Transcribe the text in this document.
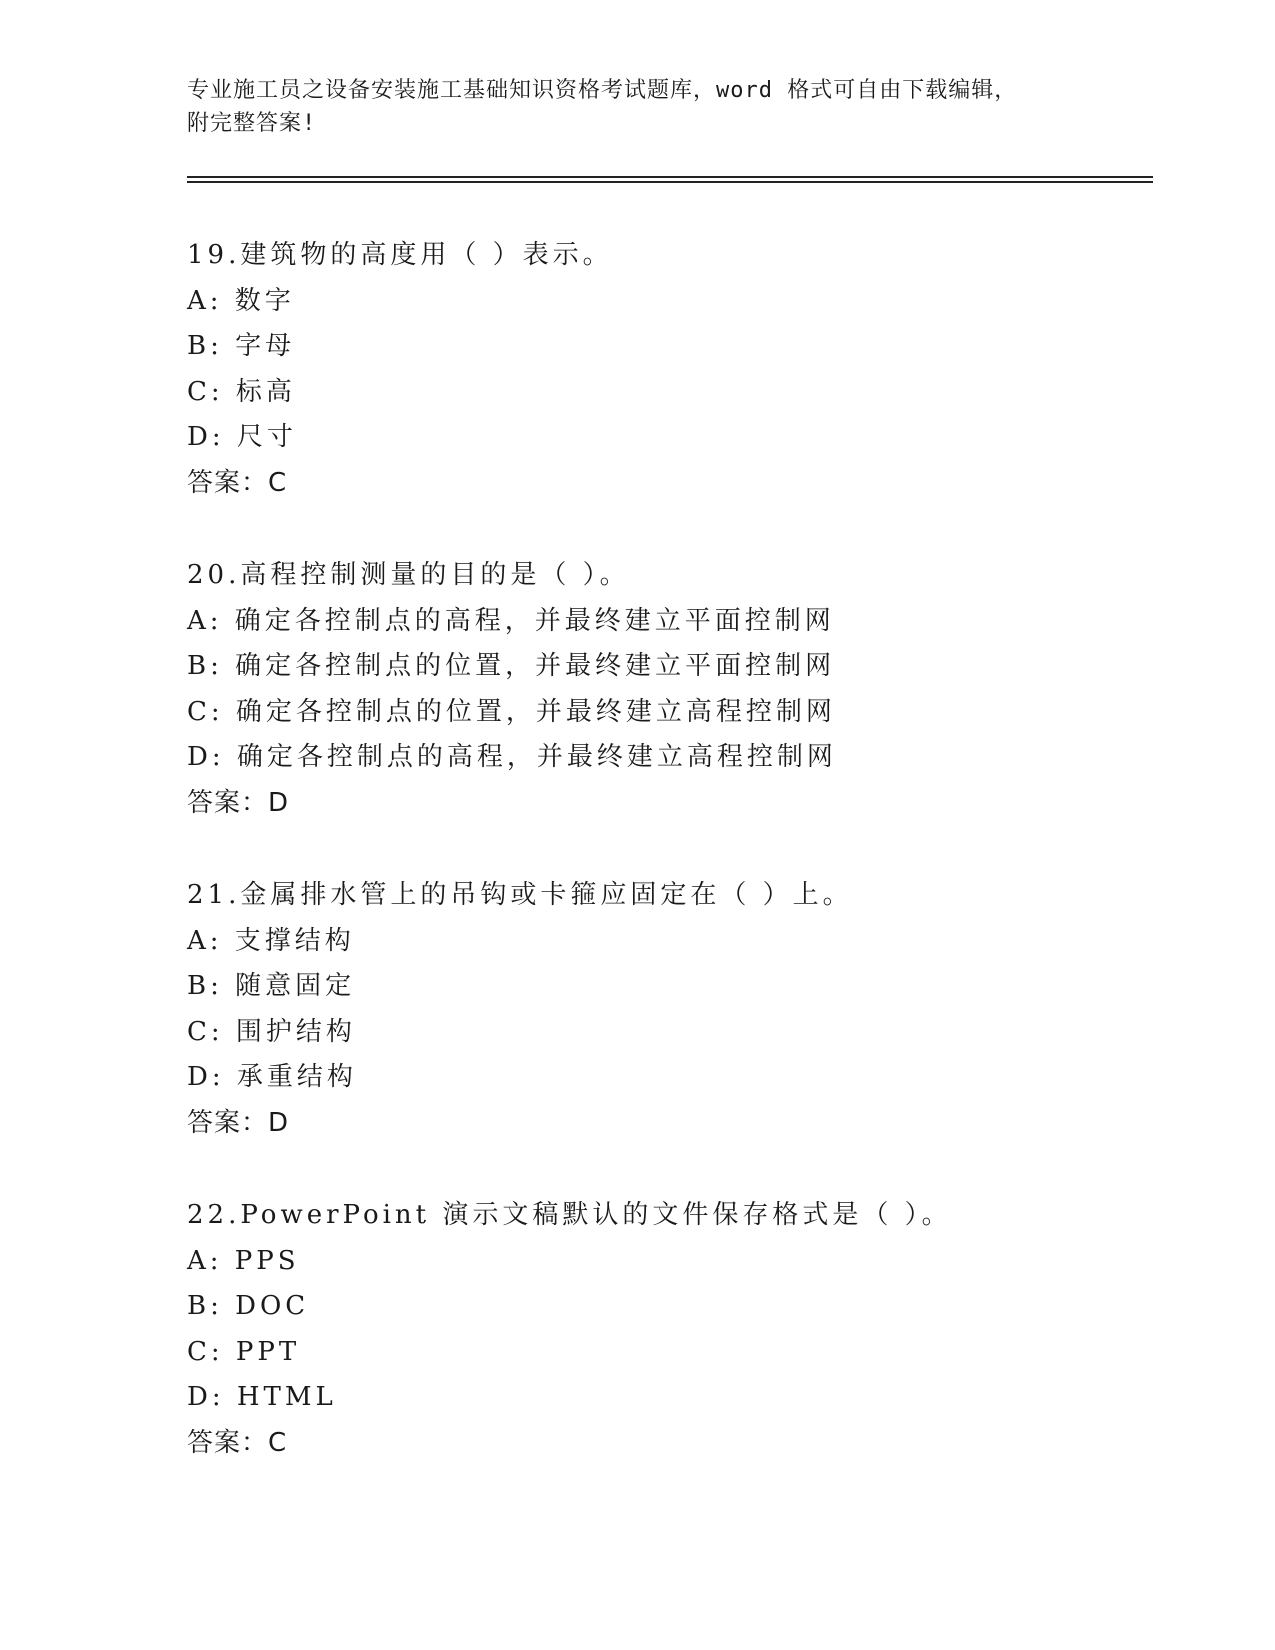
专业施工员之设备安装施工基础知识资格考试题库，word 格式可自由下载编辑，
附完整答案!
19.建筑物的高度用（ ）表示。
A: 数字
B: 字母
C: 标高
D: 尺寸
答案：C
20.高程控制测量的目的是（ ）。
A: 确定各控制点的高程，并最终建立平面控制网
B: 确定各控制点的位置，并最终建立平面控制网
C: 确定各控制点的位置，并最终建立高程控制网
D: 确定各控制点的高程，并最终建立高程控制网
答案：D
21.金属排水管上的吊钩或卡箍应固定在（ ）上。
A: 支撑结构
B: 随意固定
C: 围护结构
D: 承重结构
答案：D
22.PowerPoint 演示文稿默认的文件保存格式是（ ）。
A: PPS
B: DOC
C: PPT
D: HTML
答案：C
